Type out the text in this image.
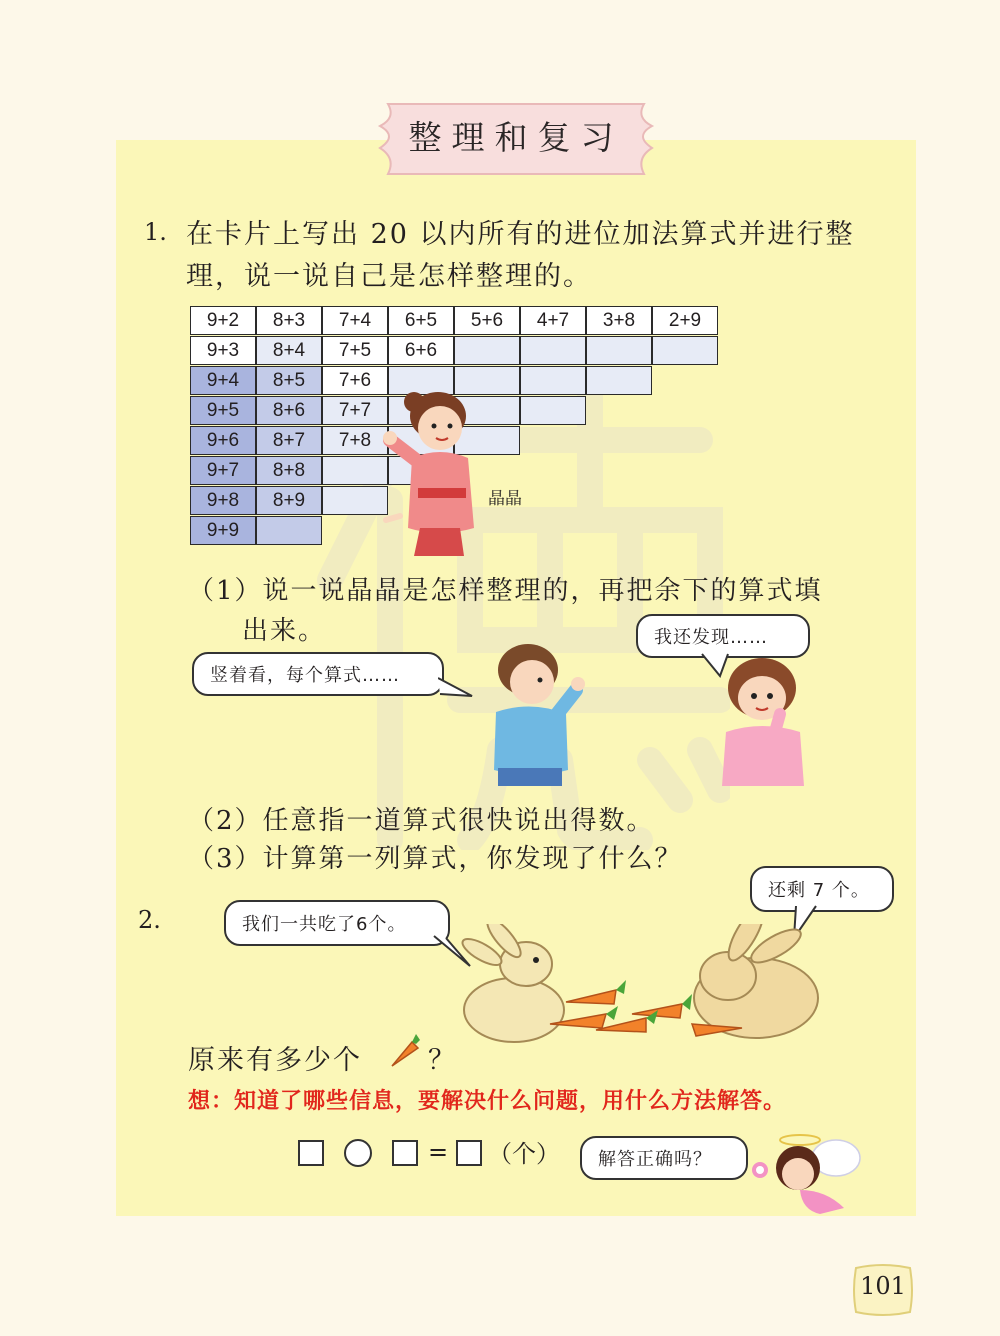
整理和复习
1. 在卡片上写出 20 以内所有的进位加法算式并进行整
理，说一说自己是怎样整理的。
9+2	8+3	7+4	6+5	5+6	4+7	3+8	2+9
9+3	8+4	7+5	6+6
9+4	8+5	7+6
9+5	8+6	7+7
9+6	8+7	7+8
9+7	8+8
9+8	8+9
9+9
晶晶
（1）说一说晶晶是怎样整理的，再把余下的算式填
出来。
竖着看，每个算式……
我还发现……
（2）任意指一道算式很快说出得数。
（3）计算第一列算式，你发现了什么？
2.	我们一共吃了6个。
还剩 7 个。
原来有多少个 ？
想：知道了哪些信息，要解决什么问题，用什么方法解答。
= （个） 解答正确吗？
101
